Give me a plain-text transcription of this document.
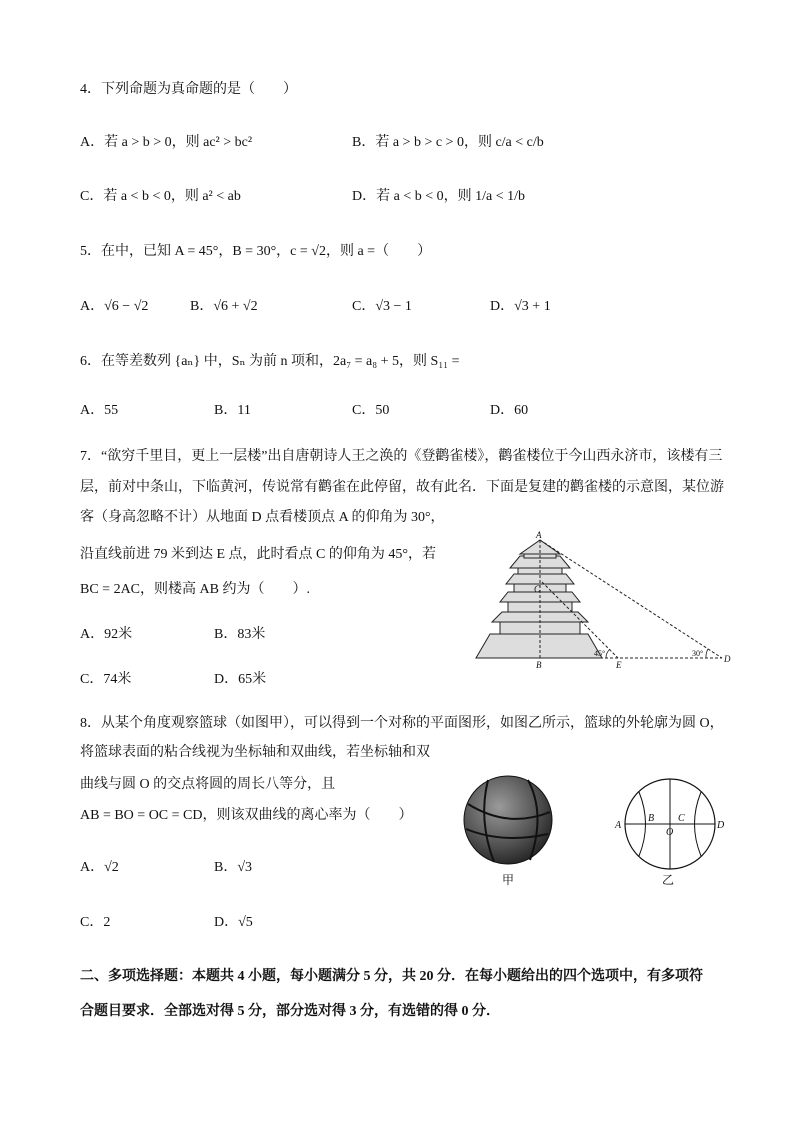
4．下列命题为真命题的是（　　）
A．若 a > b > 0，则 ac² > bc²	B．若 a > b > c > 0，则 c/a < c/b
C．若 a < b < 0，则 a² < ab	D．若 a < b < 0，则 1/a < 1/b
5．在中，已知 A = 45°，B = 30°，c = √2，则 a =（　　）
A．√6 − √2	B．√6 + √2	C．√3 − 1	D．√3 + 1
6．在等差数列 {aₙ} 中，Sₙ 为前 n 项和，2a₇ = a₈ + 5，则 S₁₁ =
A．55	B．11	C．50	D．60
7．“欲穷千里目，更上一层楼”出自唐朝诗人王之涣的《登鹳雀楼》，鹳雀楼位于今山西永济市，该楼有三
层，前对中条山，下临黄河，传说常有鹳雀在此停留，故有此名．下面是复建的鹳雀楼的示意图，某位游
客（身高忽略不计）从地面 D 点看楼顶点 A 的仰角为 30°，
沿直线前进 79 米到达 E 点，此时看点 C 的仰角为 45°，若
BC = 2AC，则楼高 AB 约为（　　）.
A．92米	B．83米
C．74米	D．65米
A
C
B	E
D
45°	30°
8．从某个角度观察篮球（如图甲），可以得到一个对称的平面图形，如图乙所示，篮球的外轮廓为圆 O，
将篮球表面的粘合线视为坐标轴和双曲线，若坐标轴和双
曲线与圆 O 的交点将圆的周长八等分，且
AB = BO = OC = CD，则该双曲线的离心率为（　　）
A．√2	B．√3
C．2	D．√5
甲
A
B
O
C
D
乙
二、多项选择题：本题共 4 小题，每小题满分 5 分，共 20 分．在每小题给出的四个选项中，有多项符
合题目要求．全部选对得 5 分，部分选对得 3 分，有选错的得 0 分．
